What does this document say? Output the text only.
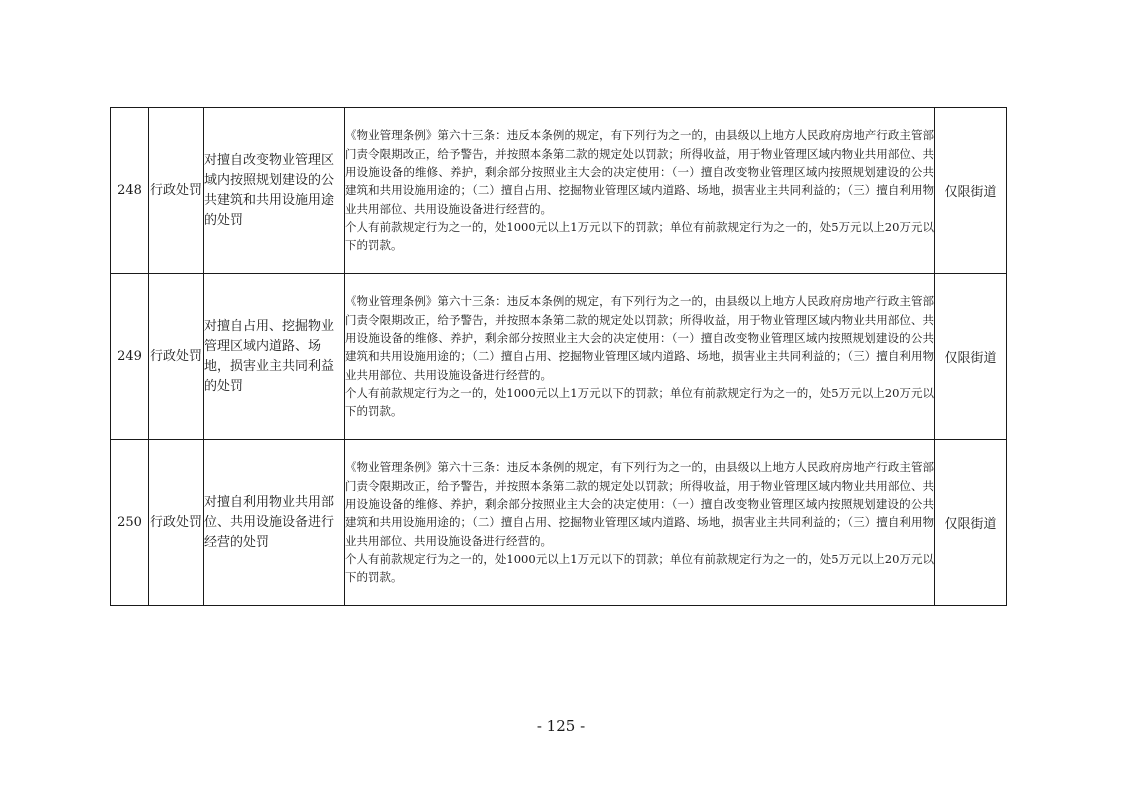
248	行政处罚	对擅自改变物业管理区域内按照规划建设的公共建筑和共用设施用途的处罚	《物业管理条例》第六十三条：违反本条例的规定，有下列行为之一的，由县级以上地方人民政府房地产行政主管部门责令限期改正，给予警告，并按照本条第二款的规定处以罚款；所得收益，用于物业管理区域内物业共用部位、共用设施设备的维修、养护，剩余部分按照业主大会的决定使用：（一）擅自改变物业管理区域内按照规划建设的公共建筑和共用设施用途的；（二）擅自占用、挖掘物业管理区域内道路、场地，损害业主共同利益的；（三）擅自利用物业共用部位、共用设施设备进行经营的。

个人有前款规定行为之一的，处1000元以上1万元以下的罚款；单位有前款规定行为之一的，处5万元以上20万元以下的罚款。	仅限街道
249	行政处罚	对擅自占用、挖掘物业管理区域内道路、场地，损害业主共同利益的处罚	《物业管理条例》第六十三条：违反本条例的规定，有下列行为之一的，由县级以上地方人民政府房地产行政主管部门责令限期改正，给予警告，并按照本条第二款的规定处以罚款；所得收益，用于物业管理区域内物业共用部位、共用设施设备的维修、养护，剩余部分按照业主大会的决定使用：（一）擅自改变物业管理区域内按照规划建设的公共建筑和共用设施用途的；（二）擅自占用、挖掘物业管理区域内道路、场地，损害业主共同利益的；（三）擅自利用物业共用部位、共用设施设备进行经营的。

个人有前款规定行为之一的，处1000元以上1万元以下的罚款；单位有前款规定行为之一的，处5万元以上20万元以下的罚款。	仅限街道
250	行政处罚	对擅自利用物业共用部位、共用设施设备进行经营的处罚	《物业管理条例》第六十三条：违反本条例的规定，有下列行为之一的，由县级以上地方人民政府房地产行政主管部门责令限期改正，给予警告，并按照本条第二款的规定处以罚款；所得收益，用于物业管理区域内物业共用部位、共用设施设备的维修、养护，剩余部分按照业主大会的决定使用：（一）擅自改变物业管理区域内按照规划建设的公共建筑和共用设施用途的；（二）擅自占用、挖掘物业管理区域内道路、场地，损害业主共同利益的；（三）擅自利用物业共用部位、共用设施设备进行经营的。

个人有前款规定行为之一的，处1000元以上1万元以下的罚款；单位有前款规定行为之一的，处5万元以上20万元以下的罚款。	仅限街道
- 125 -
